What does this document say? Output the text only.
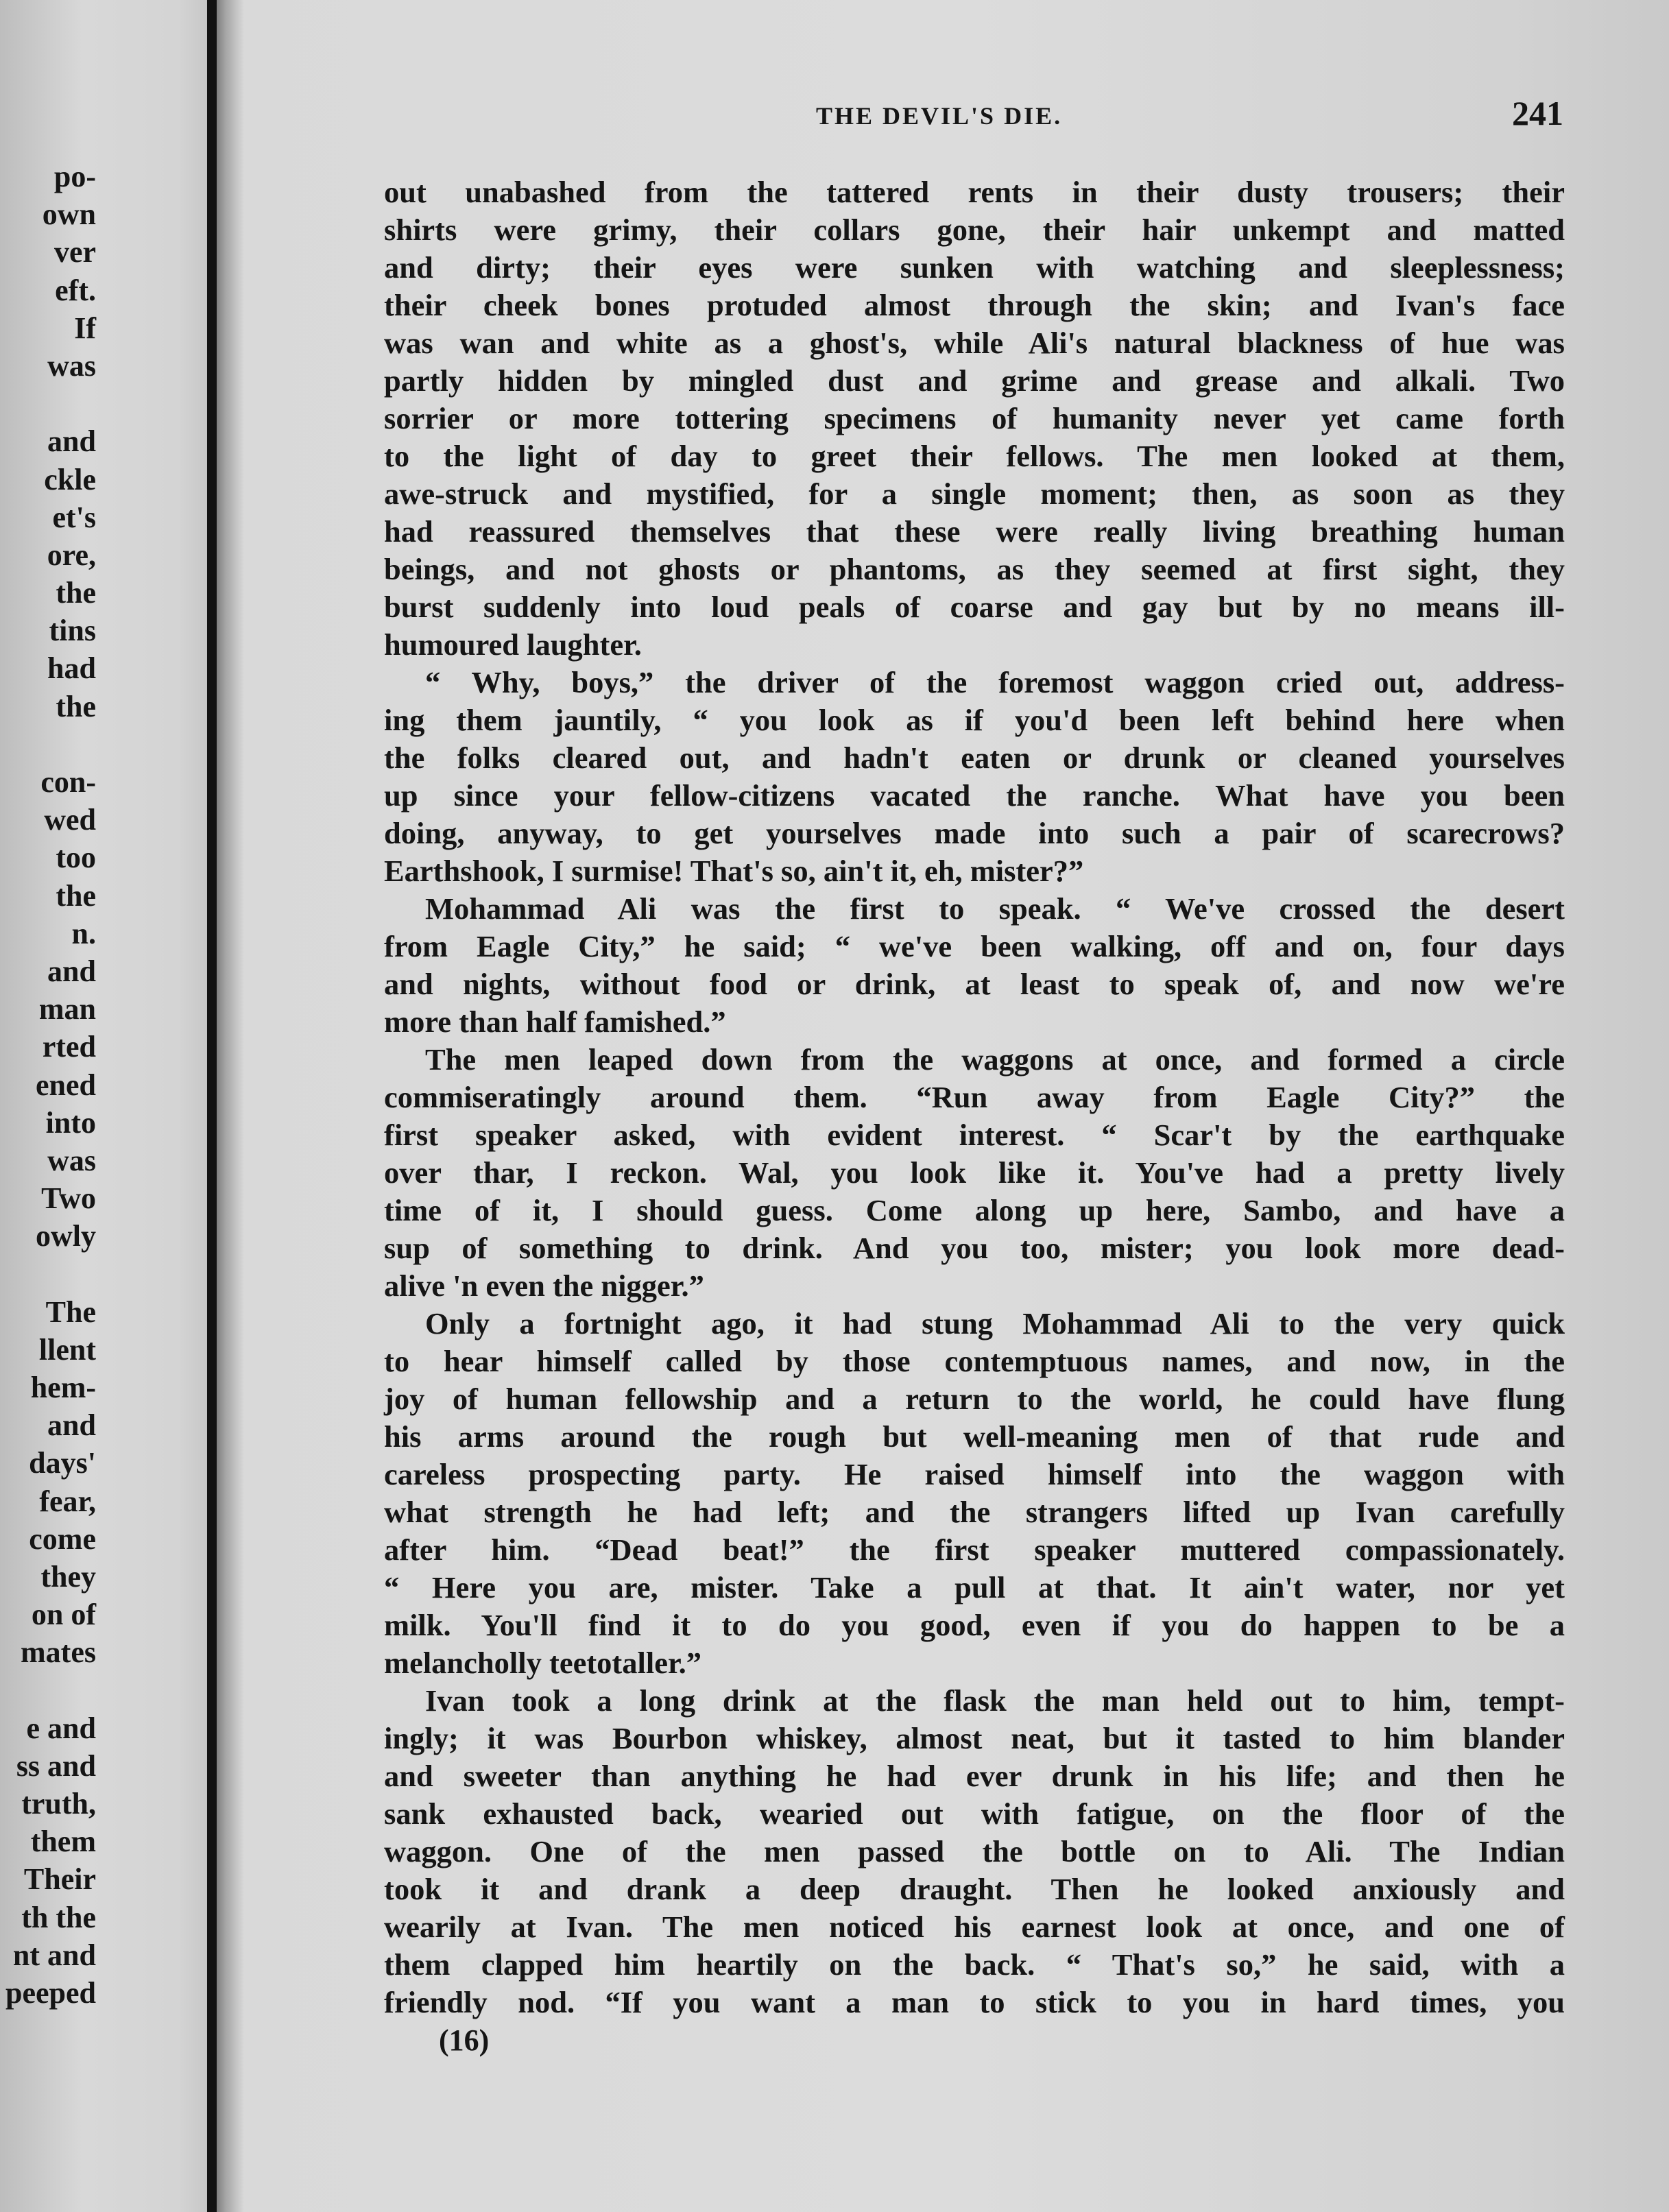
po-
own
ver
eft.
If
was
and
ckle
et's
ore,
the
tins
had
the
con-
wed
too
the
n.
and
man
rted
ened
into
was
Two
owly
The
llent
hem-
and
days'
fear,
come
they
on of
mates
e and
ss and
truth,
them
Their
th the
nt and
peeped
THE DEVIL'S DIE.	241
out unabashed from the tattered rents in their dusty trousers; their
shirts were grimy, their collars gone, their hair unkempt and matted
and dirty; their eyes were sunken with watching and sleeplessness;
their cheek bones protuded almost through the skin; and Ivan's face
was wan and white as a ghost's, while Ali's natural blackness of hue was
partly hidden by mingled dust and grime and grease and alkali. Two
sorrier or more tottering specimens of humanity never yet came forth
to the light of day to greet their fellows. The men looked at them,
awe-struck and mystified, for a single moment; then, as soon as they
had reassured themselves that these were really living breathing human
beings, and not ghosts or phantoms, as they seemed at first sight, they
burst suddenly into loud peals of coarse and gay but by no means ill-
humoured laughter.
“ Why, boys,” the driver of the foremost waggon cried out, address-
ing them jauntily, “ you look as if you'd been left behind here when
the folks cleared out, and hadn't eaten or drunk or cleaned yourselves
up since your fellow-citizens vacated the ranche. What have you been
doing, anyway, to get yourselves made into such a pair of scarecrows?
Earthshook, I surmise! That's so, ain't it, eh, mister?”
Mohammad Ali was the first to speak. “ We've crossed the desert
from Eagle City,” he said; “ we've been walking, off and on, four days
and nights, without food or drink, at least to speak of, and now we're
more than half famished.”
The men leaped down from the waggons at once, and formed a circle
commiseratingly around them. “Run away from Eagle City?” the
first speaker asked, with evident interest. “ Scar't by the earthquake
over thar, I reckon. Wal, you look like it. You've had a pretty lively
time of it, I should guess. Come along up here, Sambo, and have a
sup of something to drink. And you too, mister; you look more dead-
alive 'n even the nigger.”
Only a fortnight ago, it had stung Mohammad Ali to the very quick
to hear himself called by those contemptuous names, and now, in the
joy of human fellowship and a return to the world, he could have flung
his arms around the rough but well-meaning men of that rude and
careless prospecting party. He raised himself into the waggon with
what strength he had left; and the strangers lifted up Ivan carefully
after him. “Dead beat!” the first speaker muttered compassionately.
“ Here you are, mister. Take a pull at that. It ain't water, nor yet
milk. You'll find it to do you good, even if you do happen to be a
melancholly teetotaller.”
Ivan took a long drink at the flask the man held out to him, tempt-
ingly; it was Bourbon whiskey, almost neat, but it tasted to him blander
and sweeter than anything he had ever drunk in his life; and then he
sank exhausted back, wearied out with fatigue, on the floor of the
waggon. One of the men passed the bottle on to Ali. The Indian
took it and drank a deep draught. Then he looked anxiously and
wearily at Ivan. The men noticed his earnest look at once, and one of
them clapped him heartily on the back. “ That's so,” he said, with a
friendly nod. “If you want a man to stick to you in hard times, you
(16)
